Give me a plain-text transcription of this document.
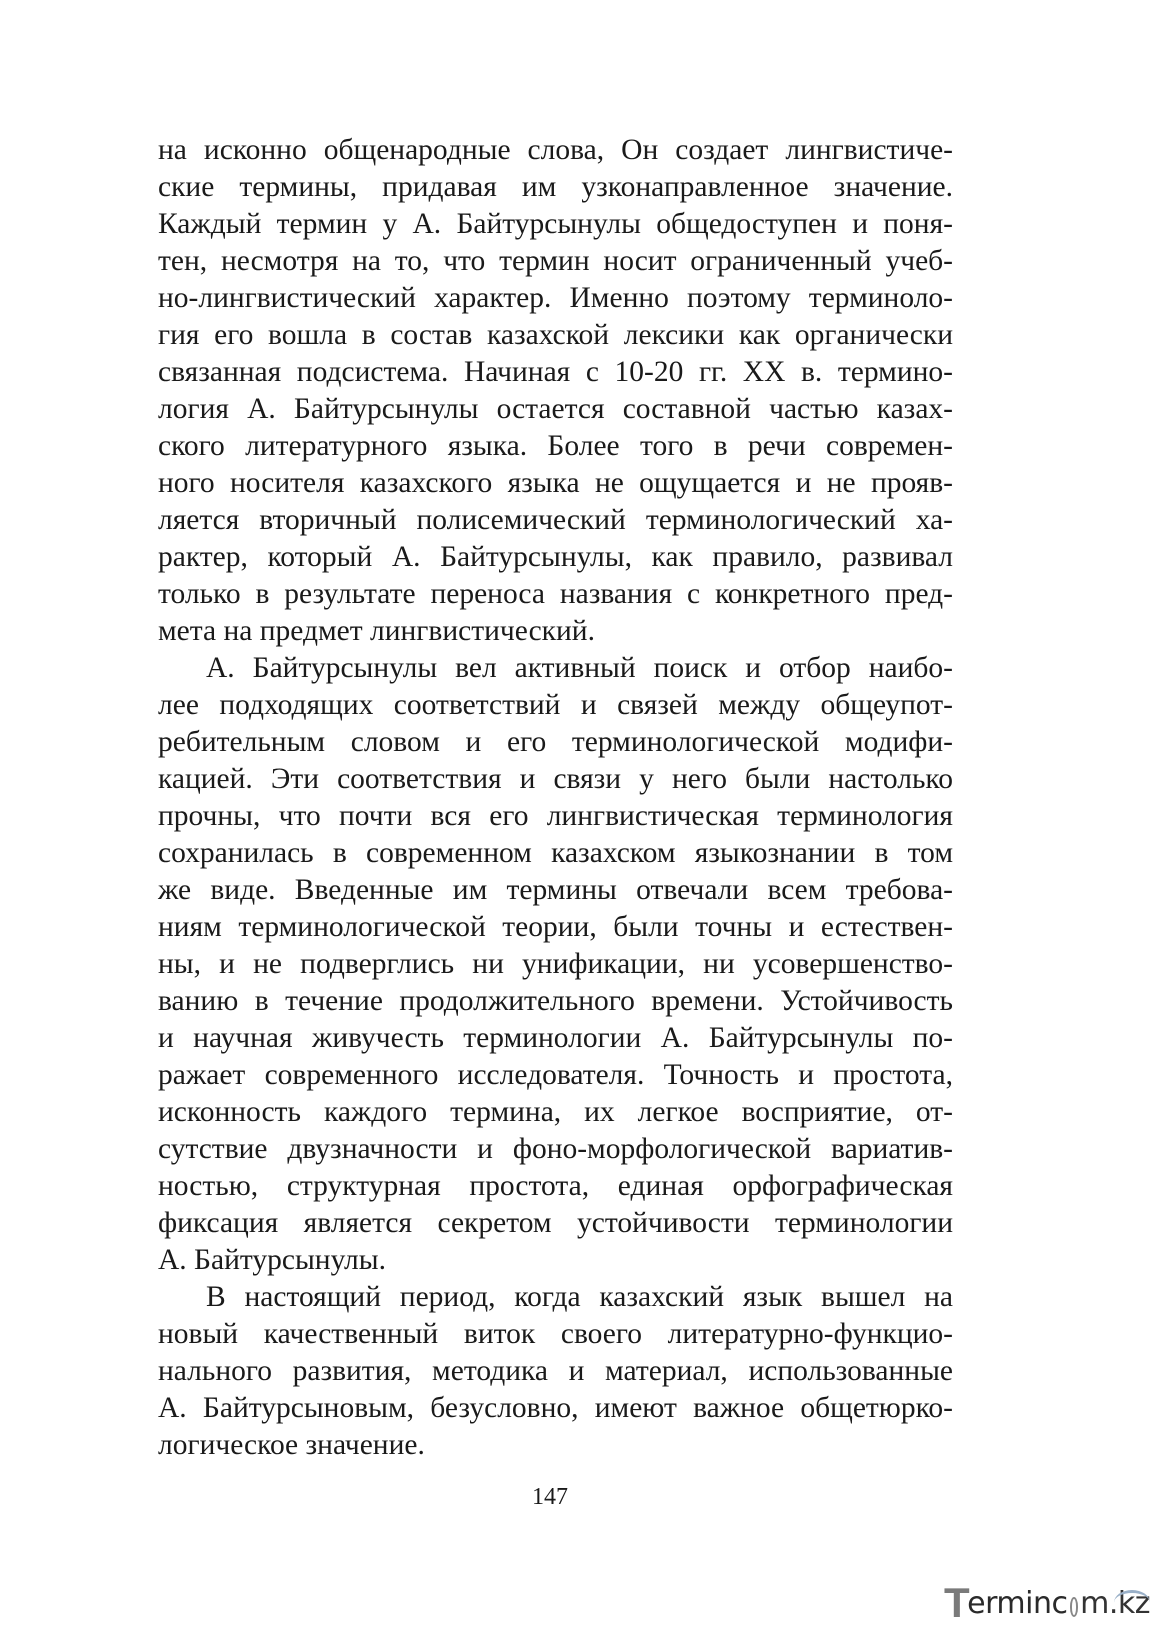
на исконно общенародные слова, Он создает лингвистиче-
ские термины, придавая им узконаправленное значение.
Каждый термин у А. Байтурсынулы общедоступен и поня-
тен, несмотря на то, что термин носит ограниченный учеб-
но-лингвистический характер. Именно поэтому терминоло-
гия его вошла в состав казахской лексики как органически
связанная подсистема. Начиная с 10-20 гг. XX в. термино-
логия А. Байтурсынулы остается составной частью казах-
ского литературного языка. Более того в речи современ-
ного носителя казахского языка не ощущается и не прояв-
ляется вторичный полисемический терминологический ха-
рактер, который А. Байтурсынулы, как правило, развивал
только в результате переноса названия с конкретного пред-
мета на предмет лингвистический.
А. Байтурсынулы вел активный поиск и отбор наибо-
лее подходящих соответствий и связей между общеупот-
ребительным словом и его терминологической модифи-
кацией. Эти соответствия и связи у него были настолько
прочны, что почти вся его лингвистическая терминология
сохранилась в современном казахском языкознании в том
же виде. Введенные им термины отвечали всем требова-
ниям терминологической теории, были точны и естествен-
ны, и не подверглись ни унификации, ни усовершенство-
ванию в течение продолжительного времени. Устойчивость
и научная живучесть терминологии А. Байтурсынулы по-
ражает современного исследователя. Точность и простота,
исконность каждого термина, их легкое восприятие, от-
сутствие двузначности и фоно-морфологической вариатив-
ностью, структурная простота, единая орфографическая
фиксация является секретом устойчивости терминологии
А. Байтурсынулы.
В настоящий период, когда казахский язык вышел на
новый качественный виток своего литературно-функцио-
нального развития, методика и материал, использованные
А. Байтурсыновым, безусловно, имеют важное общетюрко-
логическое значение.
147
T
erminc m.kz
